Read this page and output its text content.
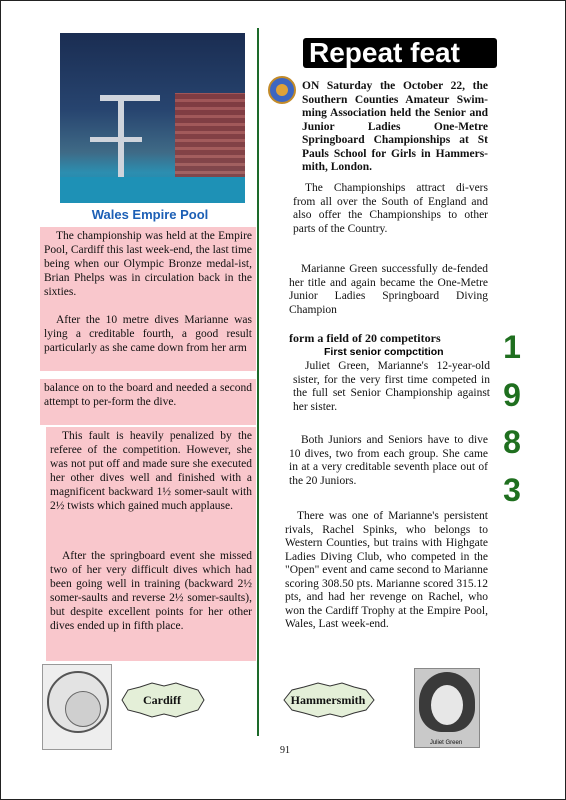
Wales Empire Pool

The championship was held at the Empire Pool, Cardiff this last week-end, the last time being when our Olympic Bronze medal-ist, Brian Phelps was in circulation back in the sixties.

After the 10 metre dives Marianne was lying a creditable fourth, a good result particularly as she came down from her arm

balance on to the board and needed a second attempt to per-form the dive.

This fault is heavily penalized by the referee of the competition. However, she was not put off and made sure she executed her other dives well and finished with a magnificent backward 1½ somer-sault with 2½ twists which gained much applause.

After the springboard event she missed two of her very difficult dives which had been going well in training (backward 2½ somer-saults and reverse 2½ somer-saults), but despite excellent points for her other dives ended up in fifth place.

Cardiff	Hammersmith
Repeat feat

ON Saturday the October 22, the Southern Counties Amateur Swim-ming Association held the Senior and Junior Ladies One-Metre Springboard Championships at St Pauls School for Girls in Hammers-mith, London.

The Championships attract di-vers from all over the South of England and also offer the Championships to other parts of the Country.

Marianne Green successfully de-fended her title and again became the One-Metre Junior Ladies Springboard Diving Champion

form a field of 20 competitors
First senior compctition

Juliet Green, Marianne's 12-year-old sister, for the very first time competed in the full set Senior Championship against her sister.

Both Juniors and Seniors have to dive 10 dives, two from each group. She came in at a very creditable seventh place out of the 20 Juniors.

There was one of Marianne's persistent rivals, Rachel Spinks, who belongs to Western Counties, but trains with Highgate Ladies Diving Club, who competed in the "Open" event and came second to Marianne scoring 308.50 pts. Marianne scored 315.12 pts, and had her revenge on Rachel, who won the Cardiff Trophy at the Empire Pool, Wales, Last week-end.

1
9
8
3
Juliet Green
91
